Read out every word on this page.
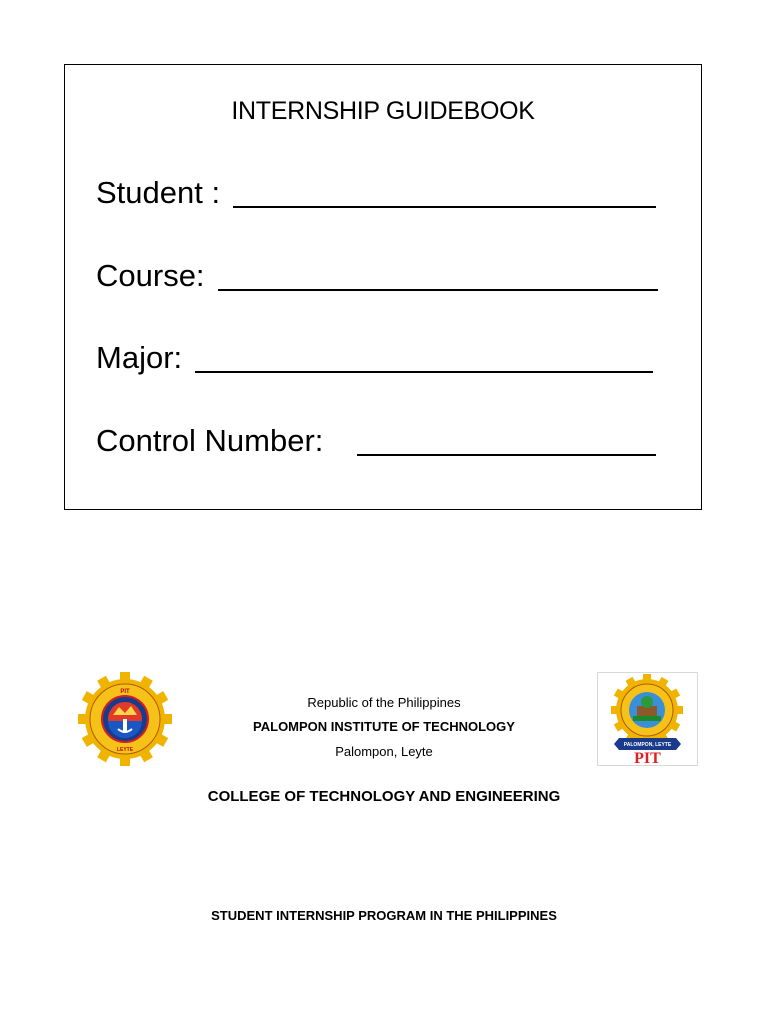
INTERNSHIP GUIDEBOOK
Student :
Course:
Major:
Control Number:
PIT
LEYTE
PALOMPON, LEYTE
PIT
Republic of the Philippines
PALOMPON INSTITUTE OF TECHNOLOGY
Palompon, Leyte
COLLEGE OF TECHNOLOGY AND ENGINEERING
STUDENT INTERNSHIP PROGRAM IN THE PHILIPPINES
